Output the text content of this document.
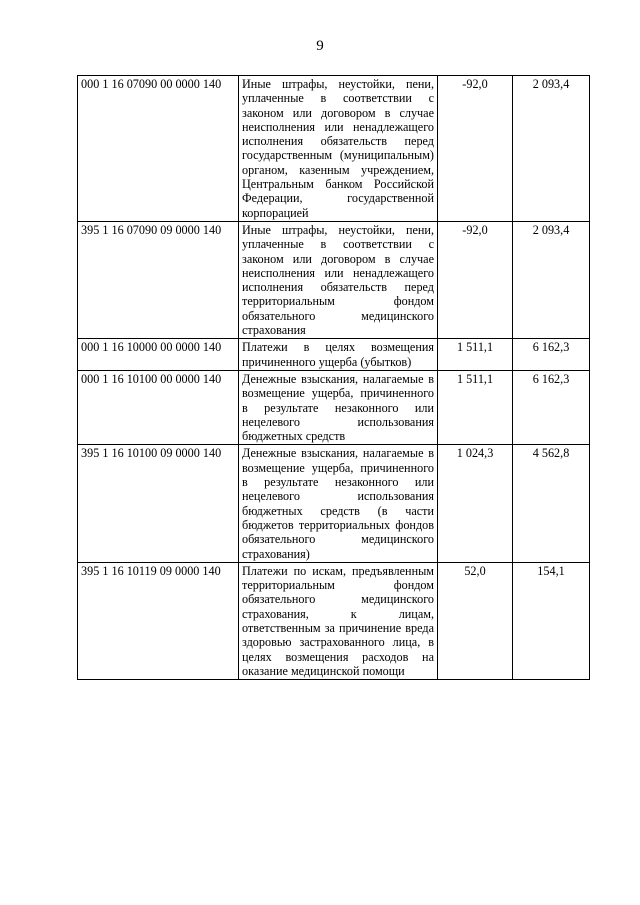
9
000 1 16 07090 00 0000 140	Иные штрафы, неустойки, пени, уплаченные в соответствии с законом или договором в случае неисполнения или ненадлежащего исполнения обязательств перед государственным (муниципальным) органом, казенным учреждением, Центральным банком Российской Федерации, государственной корпорацией	-92,0	2 093,4
395 1 16 07090 09 0000 140	Иные штрафы, неустойки, пени, уплаченные в соответствии с законом или договором в случае неисполнения или ненадлежащего исполнения обязательств перед территориальным фондом обязательного медицинского страхования	-92,0	2 093,4
000 1 16 10000 00 0000 140	Платежи в целях возмещения причиненного ущерба (убытков)	1 511,1	6 162,3
000 1 16 10100 00 0000 140	Денежные взыскания, налагаемые в возмещение ущерба, причиненного в результате незаконного или нецелевого использования бюджетных средств	1 511,1	6 162,3
395 1 16 10100 09 0000 140	Денежные взыскания, налагаемые в возмещение ущерба, причиненного в результате незаконного или нецелевого использования бюджетных средств (в части бюджетов территориальных фондов обязательного медицинского страхования)	1 024,3	4 562,8
395 1 16 10119 09 0000 140	Платежи по искам, предъявленным территориальным фондом обязательного медицинского страхования, к лицам, ответственным за причинение вреда здоровью застрахованного лица, в целях возмещения расходов на оказание медицинской помощи	52,0	154,1
